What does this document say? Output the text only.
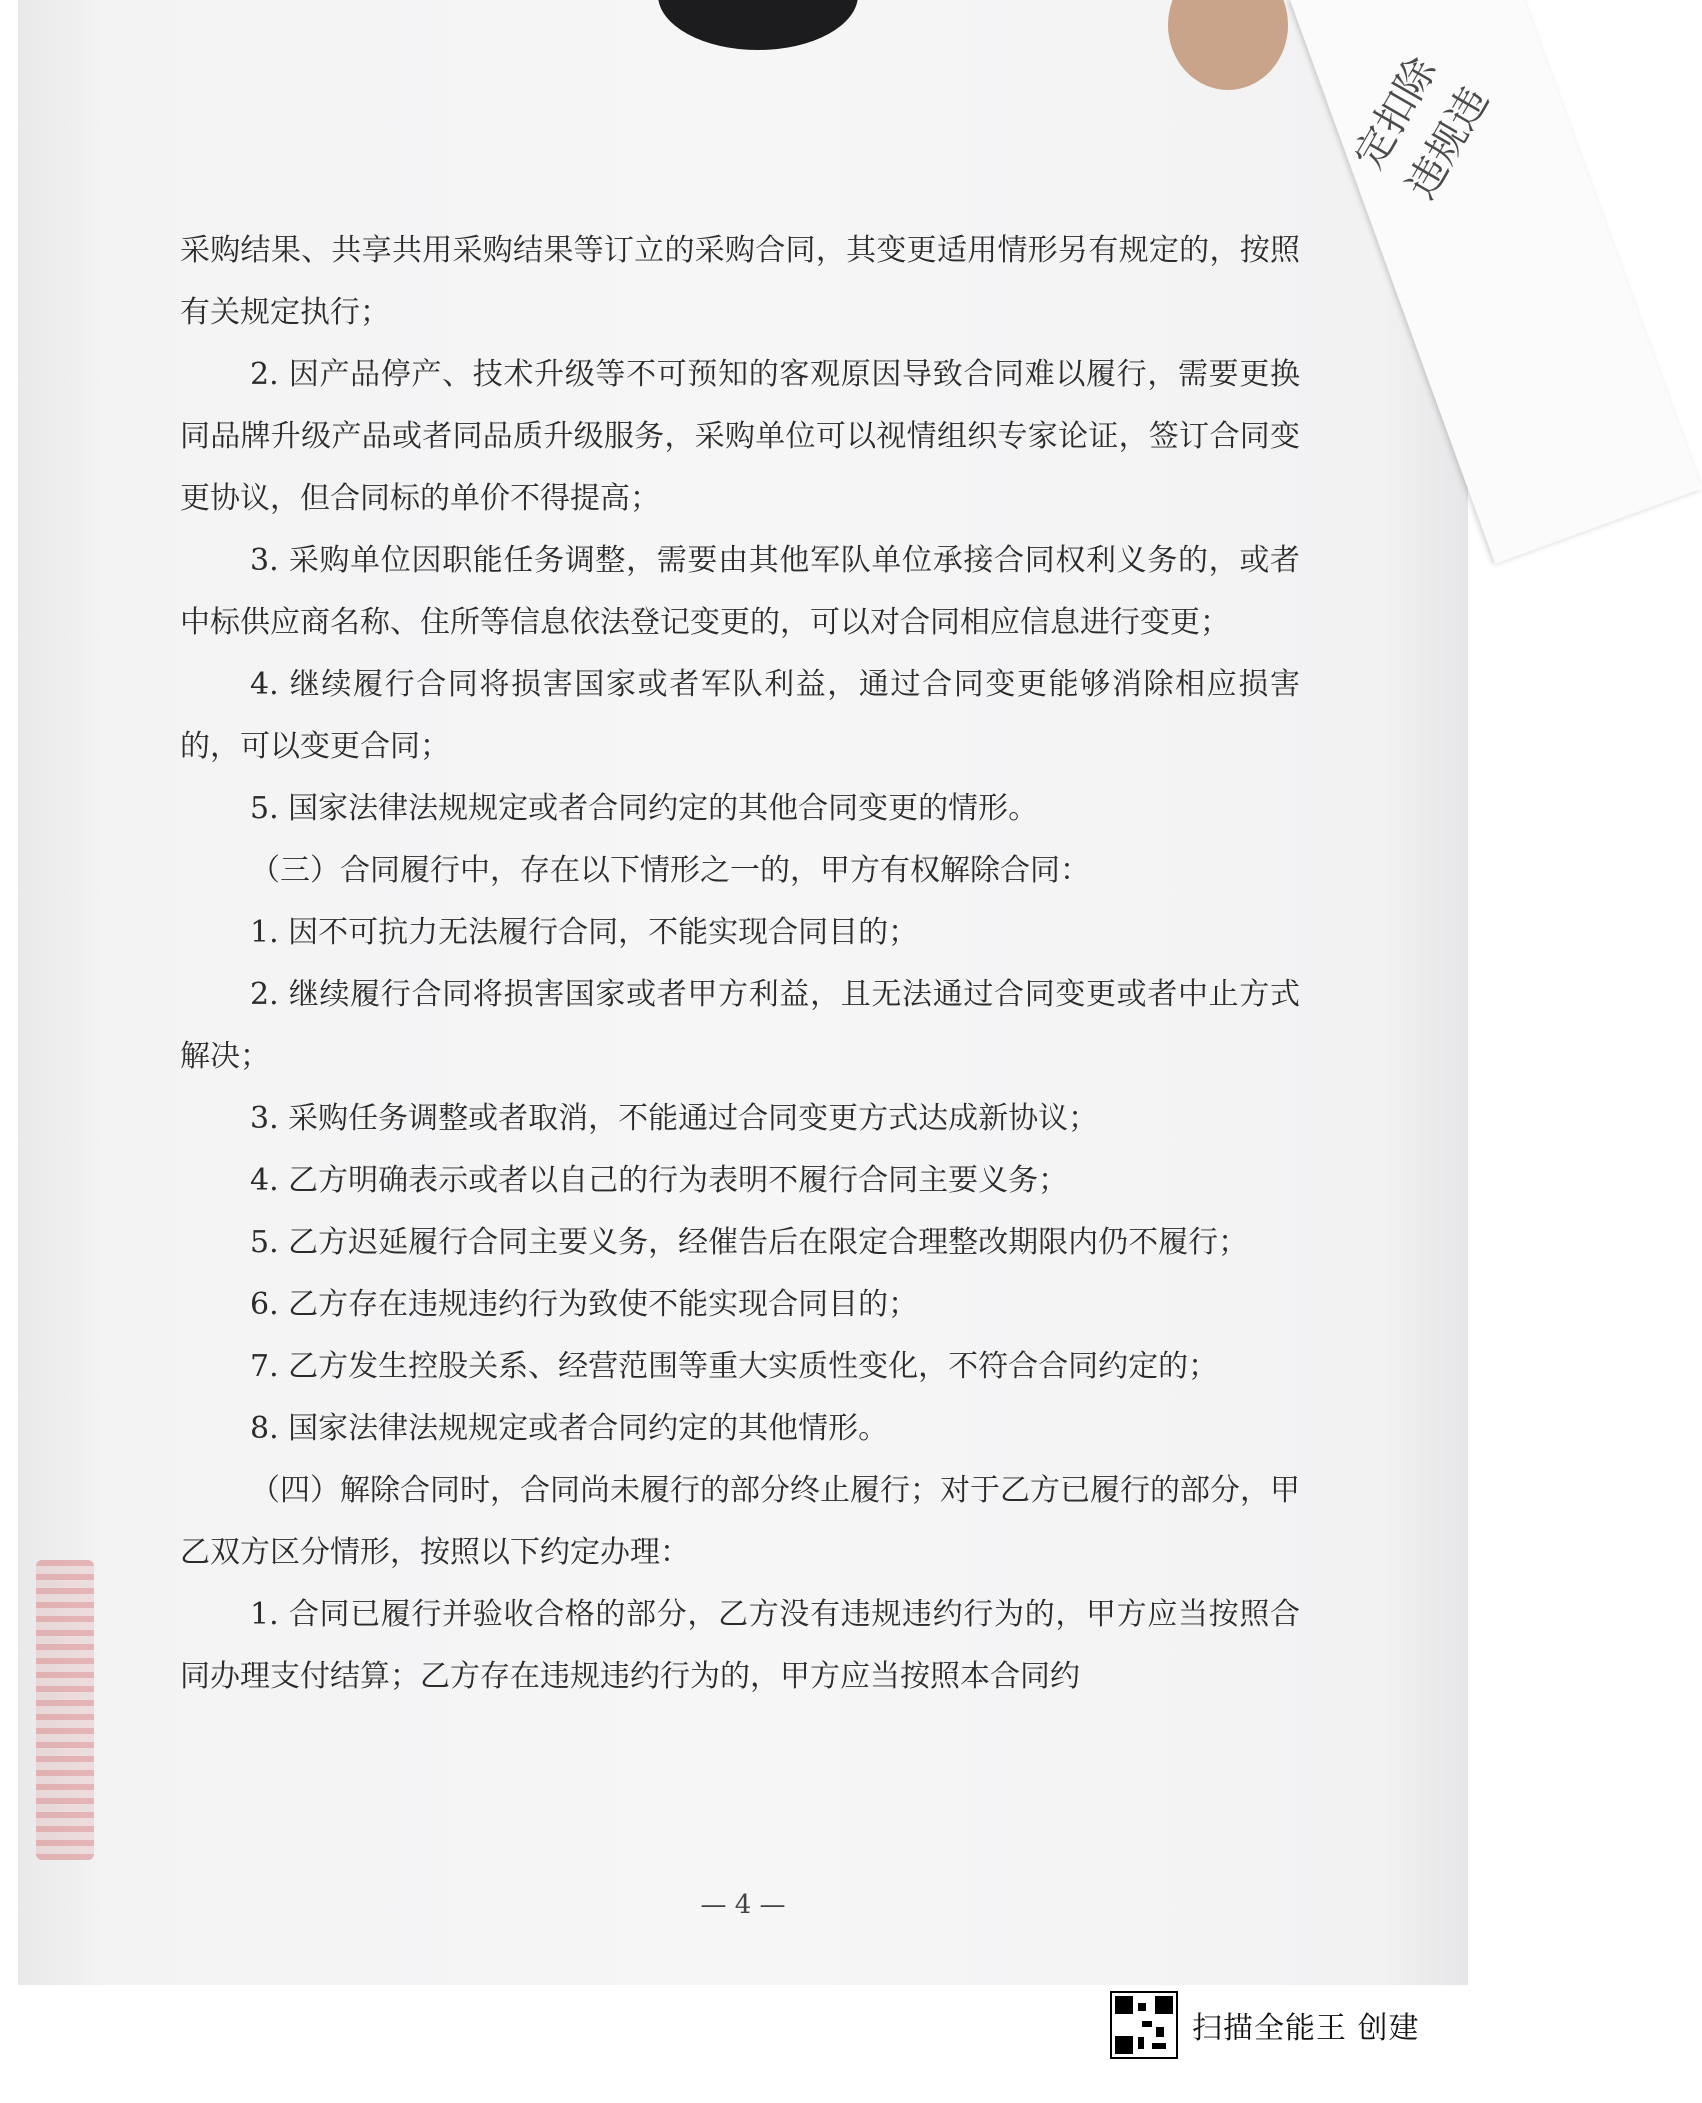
定扣除违规违

采购结果、共享共用采购结果等订立的采购合同，其变更适用情形另有规定的，按照有关规定执行；

2. 因产品停产、技术升级等不可预知的客观原因导致合同难以履行，需要更换同品牌升级产品或者同品质升级服务，采购单位可以视情组织专家论证，签订合同变更协议，但合同标的单价不得提高；

3. 采购单位因职能任务调整，需要由其他军队单位承接合同权利义务的，或者中标供应商名称、住所等信息依法登记变更的，可以对合同相应信息进行变更；

4. 继续履行合同将损害国家或者军队利益，通过合同变更能够消除相应损害的，可以变更合同；

5. 国家法律法规规定或者合同约定的其他合同变更的情形。

（三）合同履行中，存在以下情形之一的，甲方有权解除合同：

1. 因不可抗力无法履行合同，不能实现合同目的；

2. 继续履行合同将损害国家或者甲方利益，且无法通过合同变更或者中止方式解决；

3. 采购任务调整或者取消，不能通过合同变更方式达成新协议；

4. 乙方明确表示或者以自己的行为表明不履行合同主要义务；

5. 乙方迟延履行合同主要义务，经催告后在限定合理整改期限内仍不履行；

6. 乙方存在违规违约行为致使不能实现合同目的；

7. 乙方发生控股关系、经营范围等重大实质性变化，不符合合同约定的；

8. 国家法律法规规定或者合同约定的其他情形。

（四）解除合同时，合同尚未履行的部分终止履行；对于乙方已履行的部分，甲乙双方区分情形，按照以下约定办理：

1. 合同已履行并验收合格的部分，乙方没有违规违约行为的，甲方应当按照合同办理支付结算；乙方存在违规违约行为的，甲方应当按照本合同约

— 4 —
扫描全能王 创建
